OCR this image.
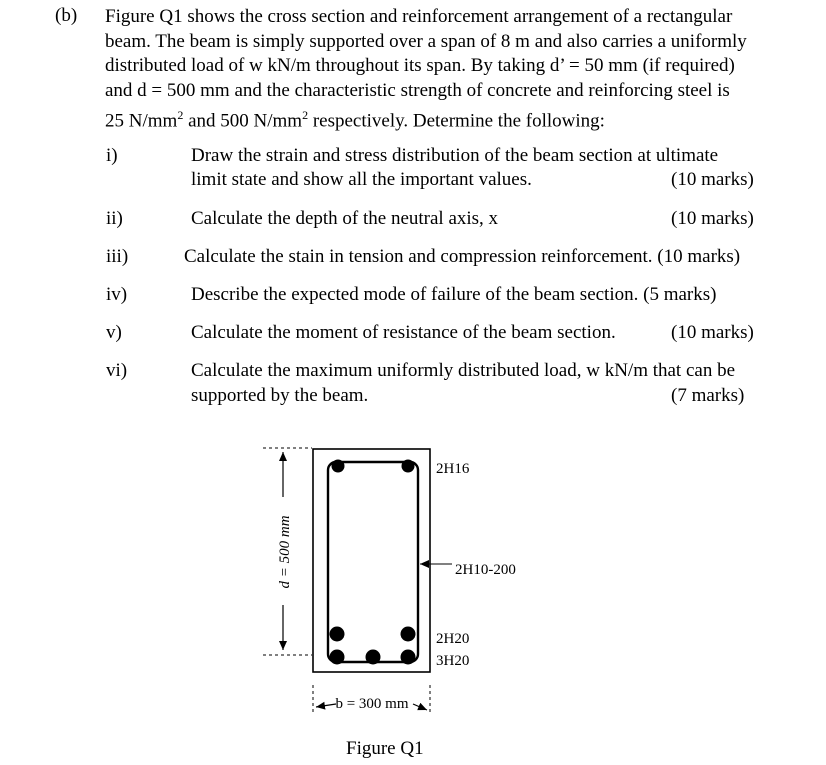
(b) Figure Q1 shows the cross section and reinforcement arrangement of a rectangular
beam. The beam is simply supported over a span of 8 m and also carries a uniformly
distributed load of w kN/m throughout its span. By taking d’ = 50 mm (if required)
and d = 500 mm and the characteristic strength of concrete and reinforcing steel is
25 $N/mm^2$ and 500 $N/mm^2$ respectively. Determine the following:
i)	Draw the strain and stress distribution of the beam section at ultimate
limit state and show all the important values.	(10 marks)
ii)	Calculate the depth of the neutral axis, x	(10 marks)
iii)	Calculate the stain in tension and compression reinforcement. (10 marks)
iv)	Describe the expected mode of failure of the beam section. (5 marks)
v)	Calculate the moment of resistance of the beam section.	(10 marks)
vi)	Calculate the maximum uniformly distributed load, w kN/m that can be
supported by the beam.	(7 marks)
d = 500 mm
b = 300 mm
2H16
2H10-200
2H20
3H20
Figure Q1
